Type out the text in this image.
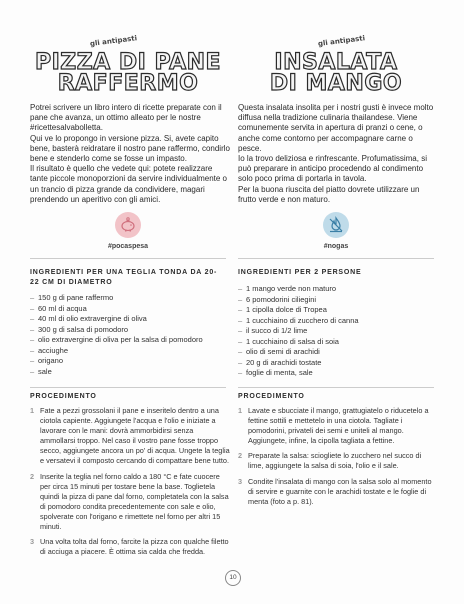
gli antipasti
PIZZA DI PANE
RAFFERMO
Potrei scrivere un libro intero di ricette preparate con il pane che avanza, un ottimo alleato per le nostre #ricettesalvabolletta.
Qui ve lo propongo in versione pizza. Si, avete capito bene, basterà reidratare il nostro pane raffermo, condirlo bene e stenderlo come se fosse un impasto.
Il risultato è quello che vedete qui: potete realizzare tante piccole monoporzioni da servire individualmente o un trancio di pizza grande da condividere, magari prendendo un aperitivo con gli amici.
#pocaspesa
INGREDIENTI PER UNA TEGLIA TONDA DA 20-22 CM DI DIAMETRO
– 150 g di pane raffermo
– 60 ml di acqua
– 40 ml di olio extravergine di oliva
– 300 g di salsa di pomodoro
– olio extravergine di oliva per la salsa di pomodoro
– acciughe
– origano
– sale
PROCEDIMENTO
1 Fate a pezzi grossolani il pane e inseritelo dentro a una ciotola capiente. Aggiungete l'acqua e l'olio e iniziate a lavorare con le mani: dovrà ammorbidirsi senza ammollarsi troppo. Nel caso il vostro pane fosse troppo secco, aggiungete ancora un po' di acqua. Ungete la teglia e versatevi il composto cercando di compattare bene tutto.
2 Inserite la teglia nel forno caldo a 180 °C e fate cuocere per circa 15 minuti per tostare bene la base. Toglietela quindi la pizza di pane dal forno, completatela con la salsa di pomodoro condita precedentemente con sale e olio, spolverate con l'origano e rimettete nel forno per altri 15 minuti.
3 Una volta tolta dal forno, farcite la pizza con qualche filetto di acciuga a piacere. È ottima sia calda che fredda.
gli antipasti
INSALATA
DI MANGO
Questa insalata insolita per i nostri gusti è invece molto diffusa nella tradizione culinaria thailandese. Viene comunemente servita in apertura di pranzi o cene, o anche come contorno per accompagnare carne o pesce.
Io la trovo deliziosa e rinfrescante. Profumatissima, si può preparare in anticipo procedendo al condimento solo poco prima di portarla in tavola.
Per la buona riuscita del piatto dovrete utilizzare un frutto verde e non maturo.
#nogas
INGREDIENTI PER 2 PERSONE
– 1 mango verde non maturo
– 6 pomodorini ciliegini
– 1 cipolla dolce di Tropea
– 1 cucchiaino di zucchero di canna
– il succo di 1/2 lime
– 1 cucchiaino di salsa di soia
– olio di semi di arachidi
– 20 g di arachidi tostate
– foglie di menta, sale
PROCEDIMENTO
1 Lavate e sbucciate il mango, grattugiatelo o riducetelo a fettine sottili e mettetelo in una ciotola. Tagliate i pomodorini, privateli dei semi e uniteli al mango. Aggiungete, infine, la cipolla tagliata a fettine.
2 Preparate la salsa: sciogliete lo zucchero nel succo di lime, aggiungete la salsa di soia, l'olio e il sale.
3 Condite l'insalata di mango con la salsa solo al momento di servire e guarnite con le arachidi tostate e le foglie di menta (foto a p. 81).
10
